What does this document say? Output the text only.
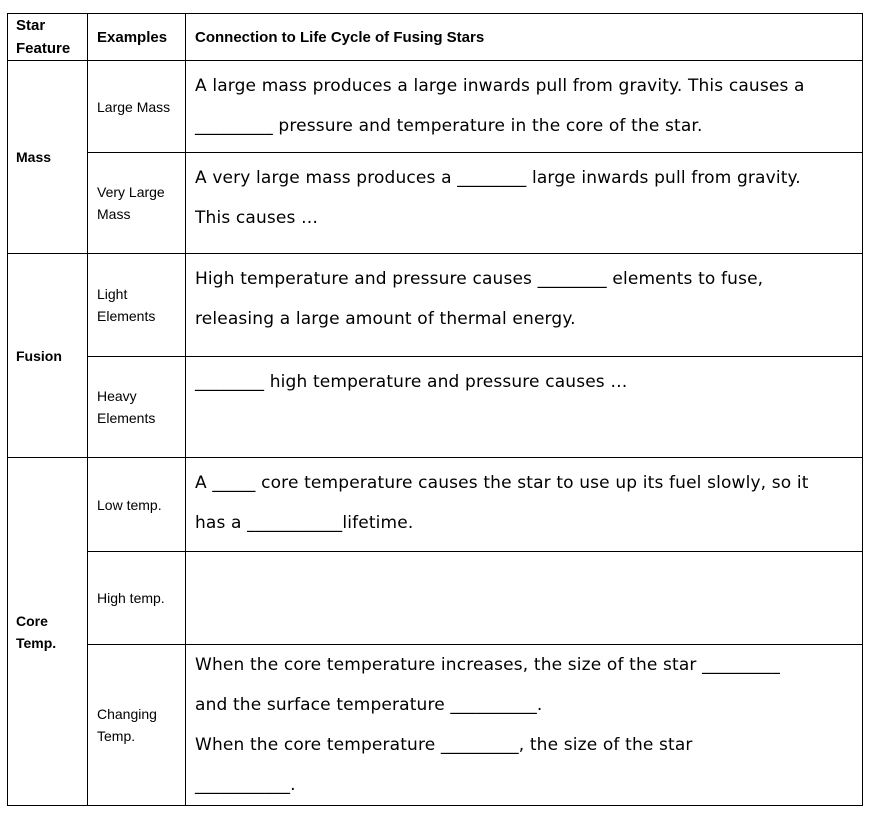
Star Feature	Examples	Connection to Life Cycle of Fusing Stars
Mass	Large Mass	A large mass produces a large inwards pull from gravity. This causes a

_________ pressure and temperature in the core of the star.

	Very Large Mass	A very large mass produces a ________ large inwards pull from gravity.

This causes …

Fusion	Light Elements	High temperature and pressure causes ________ elements to fuse,

releasing a large amount of thermal energy.

	Heavy Elements	________ high temperature and pressure causes …

Core Temp.	Low temp.	A _____ core temperature causes the star to use up its fuel slowly, so it

has a ___________lifetime.

	High temp.	
	Changing Temp.	When the core temperature increases, the size of the star _________

and the surface temperature __________.

When the core temperature _________, the size of the star

___________.
